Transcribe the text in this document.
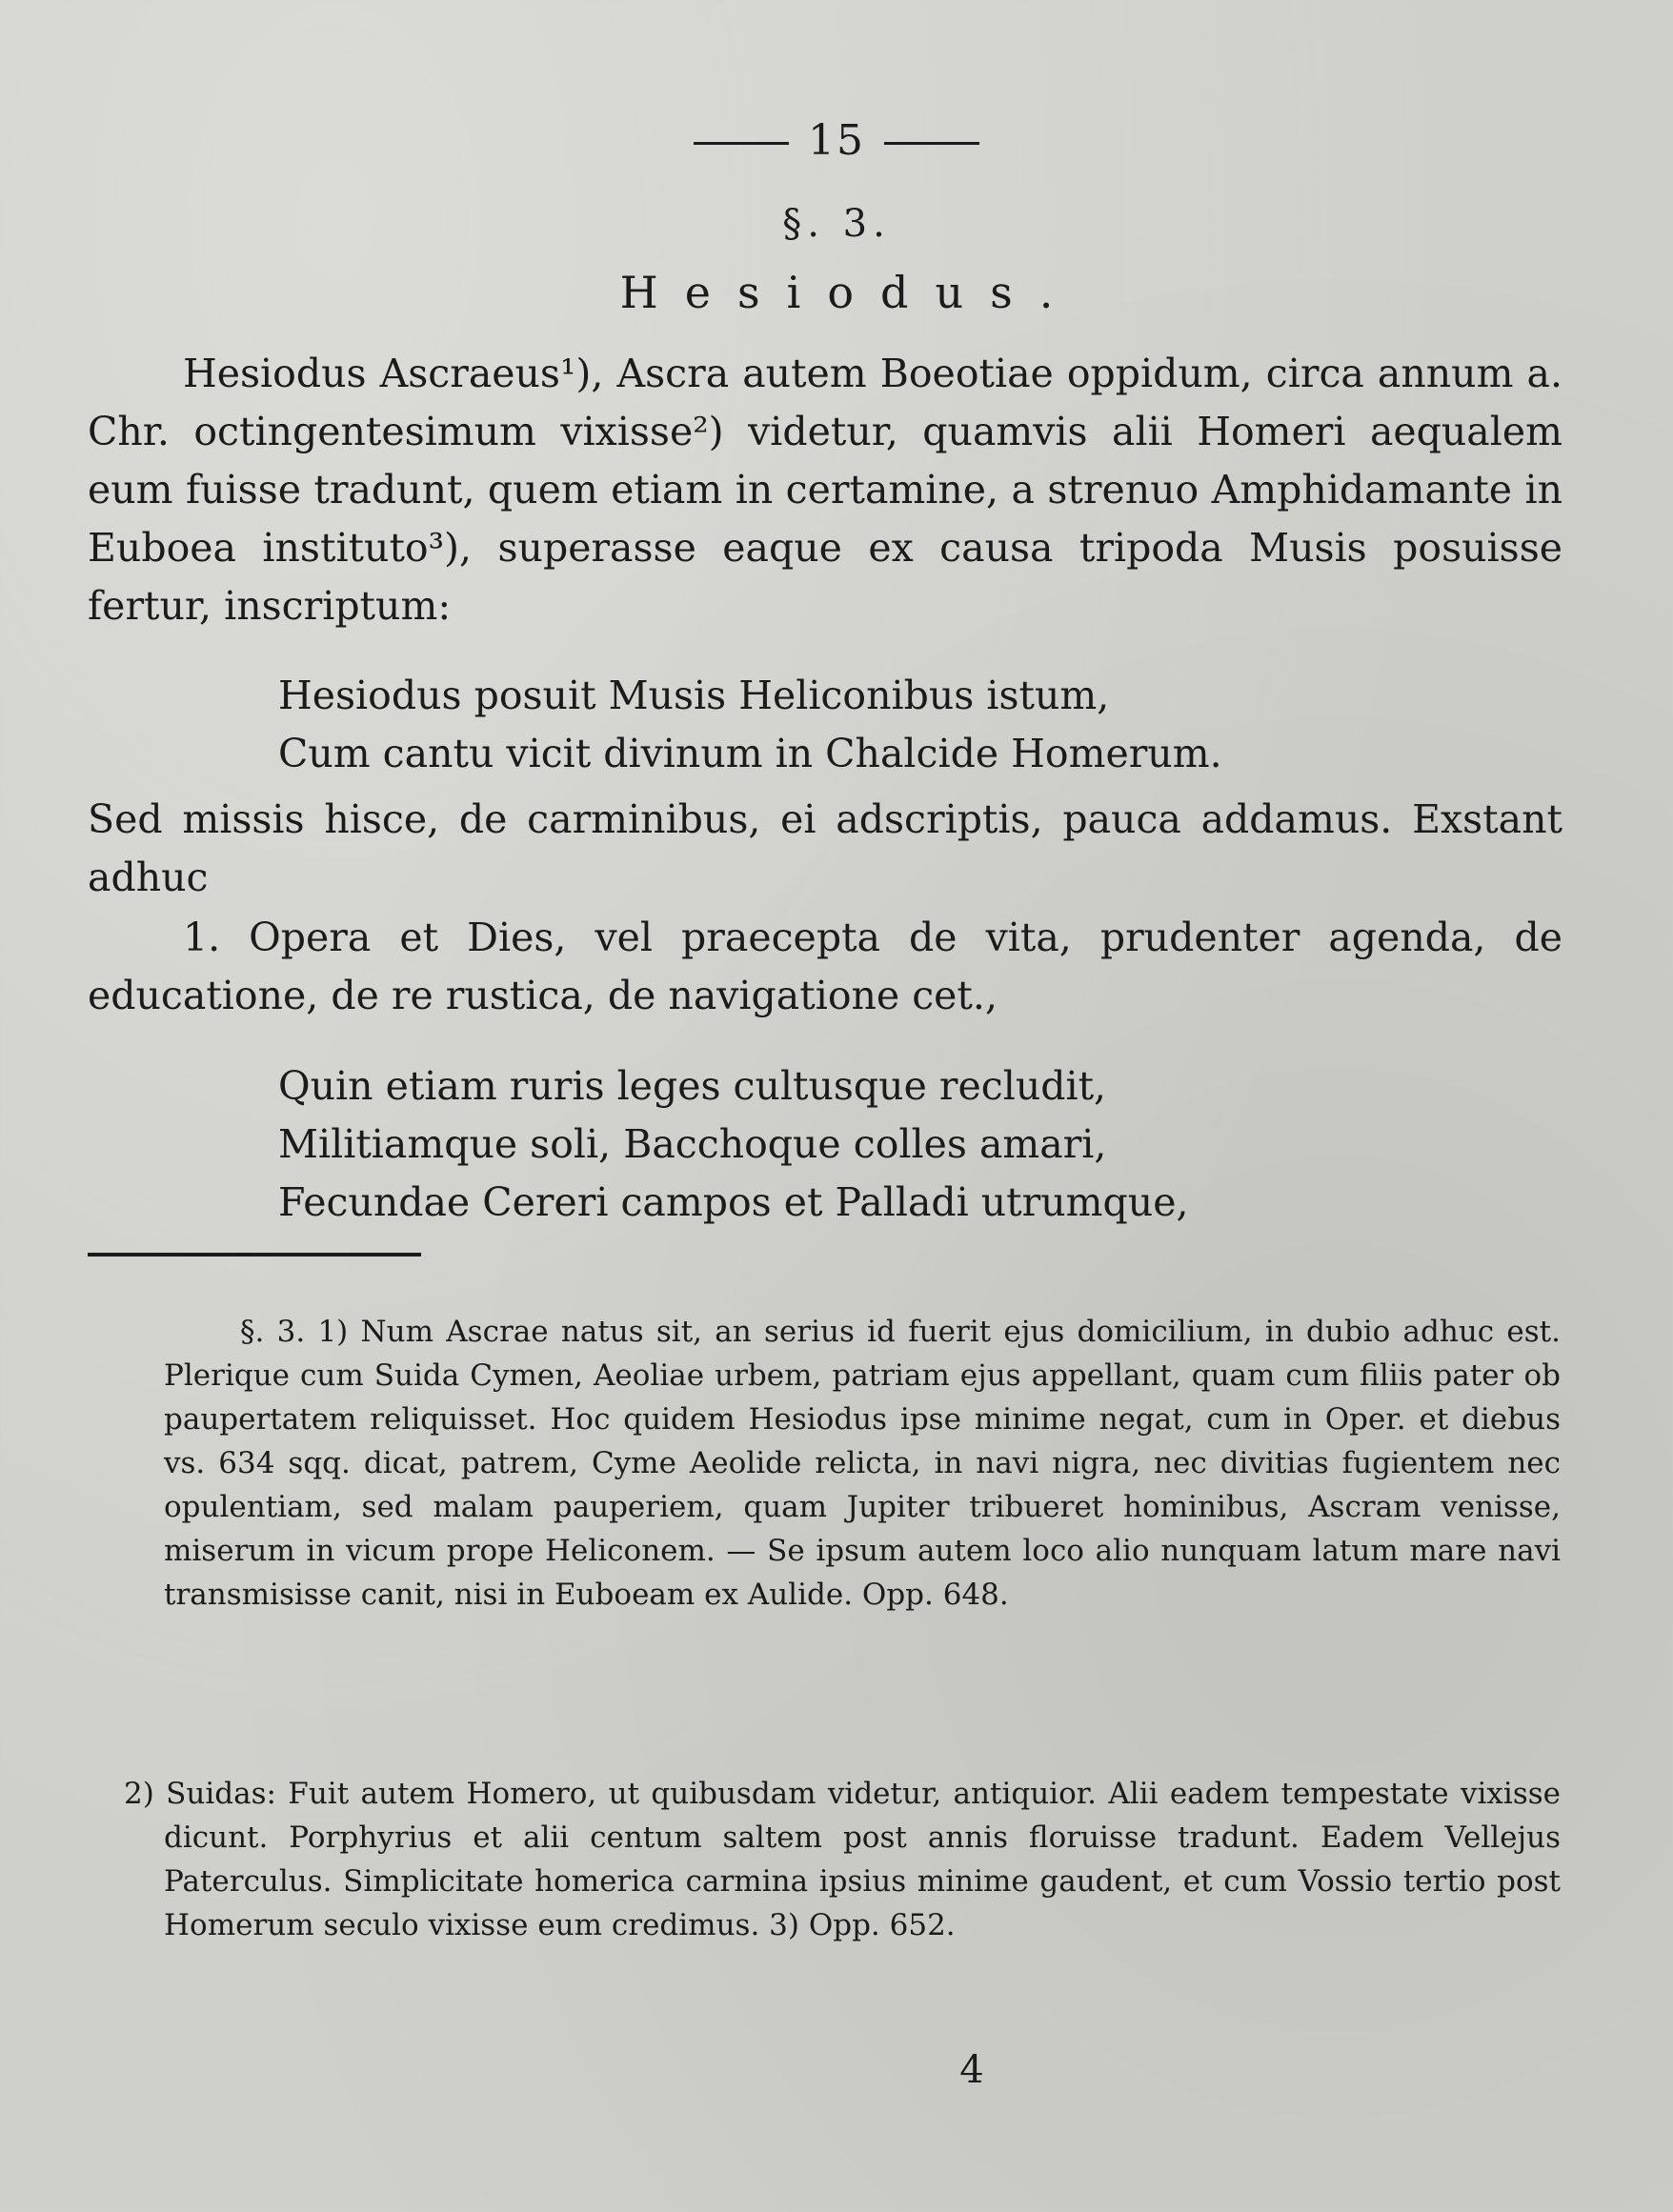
15
§. 3.
Hesiodus.

Hesiodus Ascraeus¹), Ascra autem Boeotiae oppidum, circa annum a. Chr. octingentesimum vixisse²) videtur, quamvis alii Homeri aequalem eum fuisse tradunt, quem etiam in certamine, a strenuo Amphidamante in Euboea instituto³), superasse eaque ex causa tripoda Musis posuisse fertur, inscriptum:

Hesiodus posuit Musis Heliconibus istum,
Cum cantu vicit divinum in Chalcide Homerum.

Sed missis hisce, de carminibus, ei adscriptis, pauca addamus. Exstant adhuc

1. Opera et Dies, vel praecepta de vita, prudenter agenda, de educatione, de re rustica, de navigatione cet.,

Quin etiam ruris leges cultusque recludit,
Militiamque soli, Bacchoque colles amari,
Fecundae Cereri campos et Palladi utrumque,

§. 3. 1) Num Ascrae natus sit, an serius id fuerit ejus domicilium, in dubio adhuc est. Plerique cum Suida Cymen, Aeoliae urbem, patriam ejus appellant, quam cum filiis pater ob paupertatem reliquisset. Hoc quidem Hesiodus ipse minime negat, cum in Oper. et diebus vs. 634 sqq. dicat, patrem, Cyme Aeolide relicta, in navi nigra, nec divitias fugientem nec opulentiam, sed malam pauperiem, quam Jupiter tribueret hominibus, Ascram venisse, miserum in vicum prope Heliconem. — Se ipsum autem loco alio nunquam latum mare navi transmisisse canit, nisi in Euboeam ex Aulide. Opp. 648.

2) Suidas: Fuit autem Homero, ut quibusdam videtur, antiquior. Alii eadem tempestate vixisse dicunt. Porphyrius et alii centum saltem post annis floruisse tradunt. Eadem Vellejus Paterculus. Simplicitate homerica carmina ipsius minime gaudent, et cum Vossio tertio post Homerum seculo vixisse eum credimus. 3) Opp. 652.

4
